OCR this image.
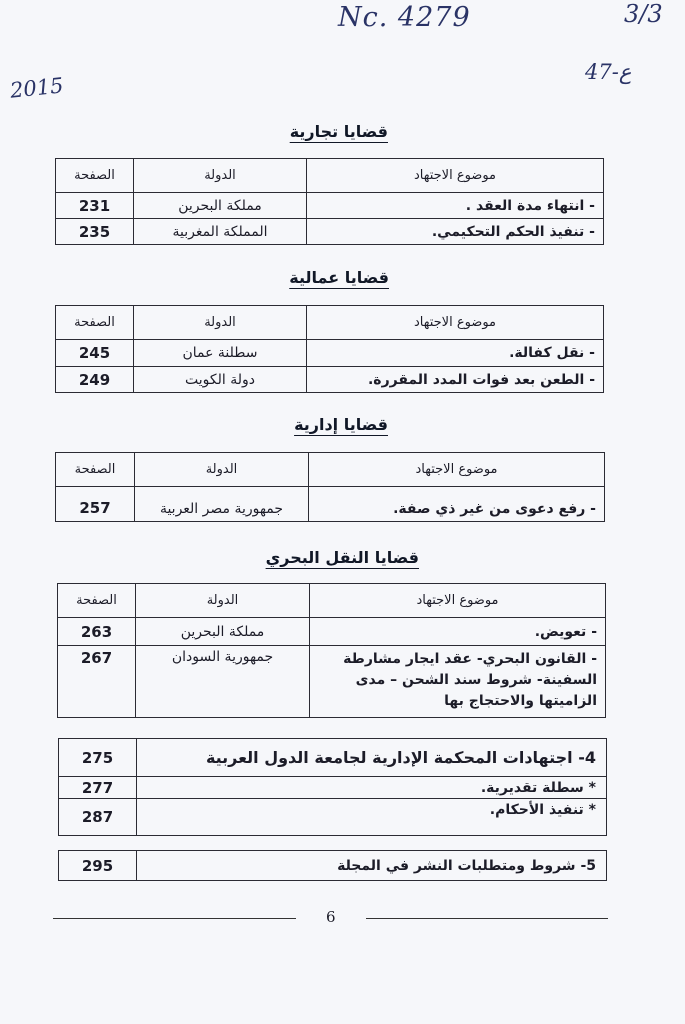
Nc. 4279	3/3
2015
47-ع
قضايا تجارية
موضوع الاجتهاد	الدولة	الصفحة
- انتهاء مدة العقد .	مملكة البحرين	231
- تنفيذ الحكم التحكيمي.	المملكة المغربية	235
قضايا عمالية
موضوع الاجتهاد	الدولة	الصفحة
- نقل كفالة.	سطلنة عمان	245
- الطعن بعد فوات المدد المقررة.	دولة الكويت	249
قضايا إدارية
موضوع الاجتهاد	الدولة	الصفحة
- رفع دعوى من غير ذي صفة.	جمهورية مصر العربية	257
قضايا النقل البحري
موضوع الاجتهاد	الدولة	الصفحة
- تعويض.	مملكة البحرين	263
- القانون البحري- عقد ايجار مشارطة السفينة- شروط سند الشحن – مدى الزاميتها والاحتجاج بها	جمهورية السودان	267
4- اجتهادات المحكمة الإدارية لجامعة الدول العربية	275
* سطلة تقديرية.	277
* تنفيذ الأحكام.	287
5- شروط ومتطلبات النشر في المجلة	295
6
